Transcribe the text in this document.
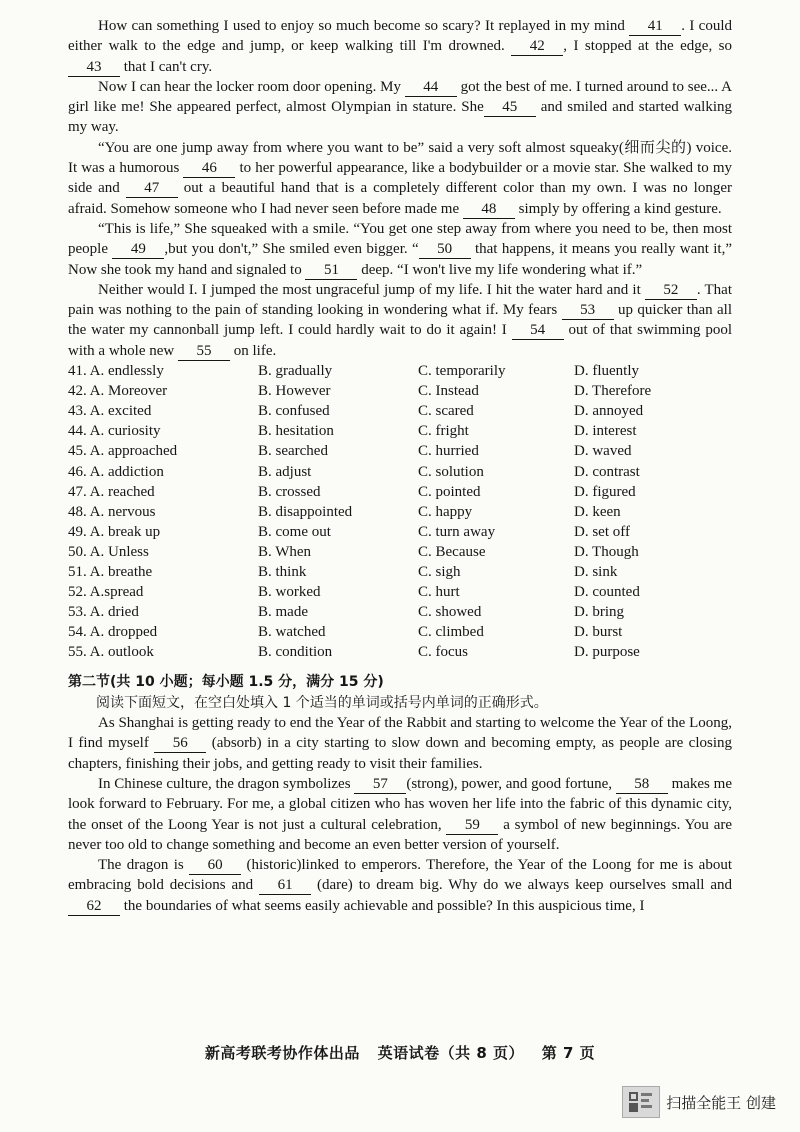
How can something I used to enjoy so much become so scary? It replayed in my mind 41 . I could either walk to the edge and jump, or keep walking till I'm drowned. 42 , I stopped at the edge, so 43 that I can't cry.

Now I can hear the locker room door opening. My 44 got the best of me. I turned around to see... A girl like me! She appeared perfect, almost Olympian in stature. She 45 and smiled and started walking my way.

“You are one jump away from where you want to be” said a very soft almost squeaky(细而尖的) voice. It was a humorous 46 to her powerful appearance, like a bodybuilder or a movie star. She walked to my side and 47 out a beautiful hand that is a completely different color than my own. I was no longer afraid. Somehow someone who I had never seen before made me 48 simply by offering a kind gesture.

“This is life,” She squeaked with a smile. “You get one step away from where you need to be, then most people 49 ,but you don't,” She smiled even bigger. “ 50 that happens, it means you really want it,” Now she took my hand and signaled to 51 deep. “I won't live my life wondering what if.”

Neither would I. I jumped the most ungraceful jump of my life. I hit the water hard and it 52 . That pain was nothing to the pain of standing looking in wondering what if. My fears 53 up quicker than all the water my cannonball jump left. I could hardly wait to do it again! I 54 out of that swimming pool with a whole new 55 on life.

41. A. endlessly	B. gradually	C. temporarily	D. fluently
42. A. Moreover	B. However	C. Instead	D. Therefore
43. A. excited	B. confused	C. scared	D. annoyed
44. A. curiosity	B. hesitation	C. fright	D. interest
45. A. approached	B. searched	C. hurried	D. waved
46. A. addiction	B. adjust	C. solution	D. contrast
47. A. reached	B. crossed	C. pointed	D. figured
48. A. nervous	B. disappointed	C. happy	D. keen
49. A. break up	B. come out	C. turn away	D. set off
50. A. Unless	B. When	C. Because	D. Though
51. A. breathe	B. think	C. sigh	D. sink
52. A.spread	B. worked	C. hurt	D. counted
53. A. dried	B. made	C. showed	D. bring
54. A. dropped	B. watched	C. climbed	D. burst
55. A. outlook	B. condition	C. focus	D. purpose
第二节(共 10 小题；每小题 1.5 分，满分 15 分)
阅读下面短文，在空白处填入 1 个适当的单词或括号内单词的正确形式。

As Shanghai is getting ready to end the Year of the Rabbit and starting to welcome the Year of the Loong, I find myself 56 (absorb) in a city starting to slow down and becoming empty, as people are closing chapters, finishing their jobs, and getting ready to visit their families.

In Chinese culture, the dragon symbolizes 57 (strong), power, and good fortune, 58 makes me look forward to February. For me, a global citizen who has woven her life into the fabric of this dynamic city, the onset of the Loong Year is not just a cultural celebration, 59 a symbol of new beginnings. You are never too old to change something and become an even better version of yourself.

The dragon is 60 (historic)linked to emperors. Therefore, the Year of the Loong for me is about embracing bold decisions and 61 (dare) to dream big. Why do we always keep ourselves small and 62 the boundaries of what seems easily achievable and possible? In this auspicious time, I

新高考联考协作体出品 英语试卷（共 8 页） 第 7 页
扫描全能王 创建
